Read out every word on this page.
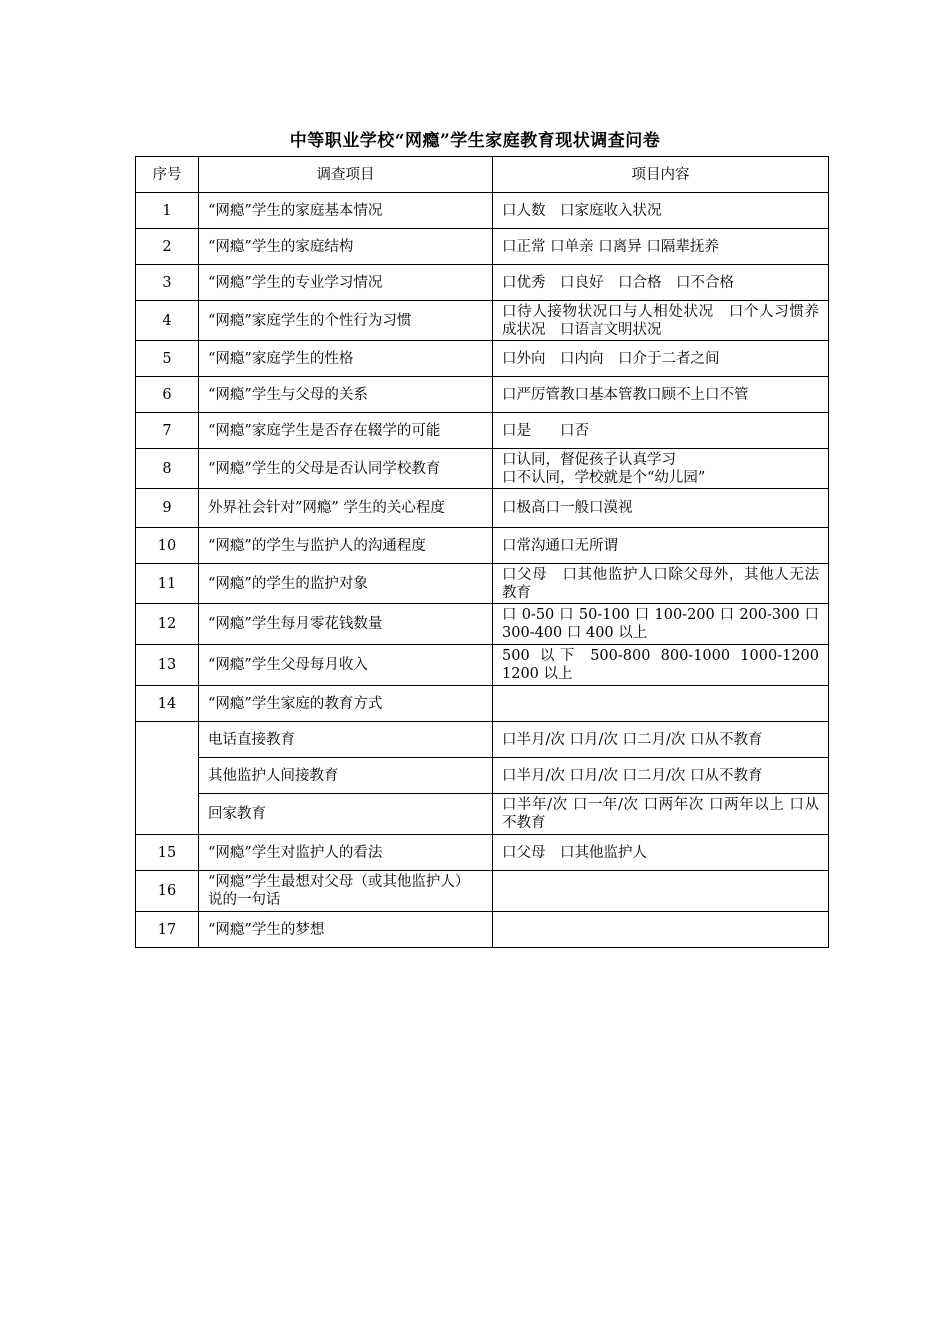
中等职业学校“网瘾”学生家庭教育现状调查问卷
序号	调查项目	项目内容
1	“网瘾”学生的家庭基本情况	口人数　口家庭收入状况

2	“网瘾”学生的家庭结构	口正常 口单亲 口离异 口隔辈抚养

3	“网瘾”学生的专业学习情况	口优秀　口良好　口合格　口不合格

4	“网瘾”家庭学生的个性行为习惯	口待人接物状况口与人相处状况　口个人习惯养成状况　口语言文明状况

5	“网瘾”家庭学生的性格	口外向　口内向　口介于二者之间

6	“网瘾”学生与父母的关系	口严厉管教口基本管教口顾不上口不管

7	“网瘾”家庭学生是否存在辍学的可能	口是　　口否

8	“网瘾”学生的父母是否认同学校教育	口认同，督促孩子认真学习
口不认同，学校就是个“幼儿园”

9	外界社会针对”网瘾” 学生的关心程度	口极高口一般口漠视

10	“网瘾”的学生与监护人的沟通程度	口常沟通口无所谓

11	“网瘾”的学生的监护对象	口父母　口其他监护人口除父母外，其他人无法教育

12	“网瘾”学生每月零花钱数量	口 0-50 口 50-100 口 100-200 口 200-300 口 300-400 口 400 以上

13	“网瘾”学生父母每月收入	500 以下 500-800 800-1000 1000-1200 1200 以上

14	“网瘾”学生家庭的教育方式	

	电话直接教育	口半月/次 口月/次 口二月/次 口从不教育

	其他监护人间接教育	口半月/次 口月/次 口二月/次 口从不教育

	回家教育	口半年/次 口一年/次 口两年次 口两年以上 口从不教育

15	“网瘾”学生对监护人的看法	口父母　口其他监护人

16	“网瘾”学生最想对父母（或其他监护人）说的一句话	

17	“网瘾”学生的梦想	
